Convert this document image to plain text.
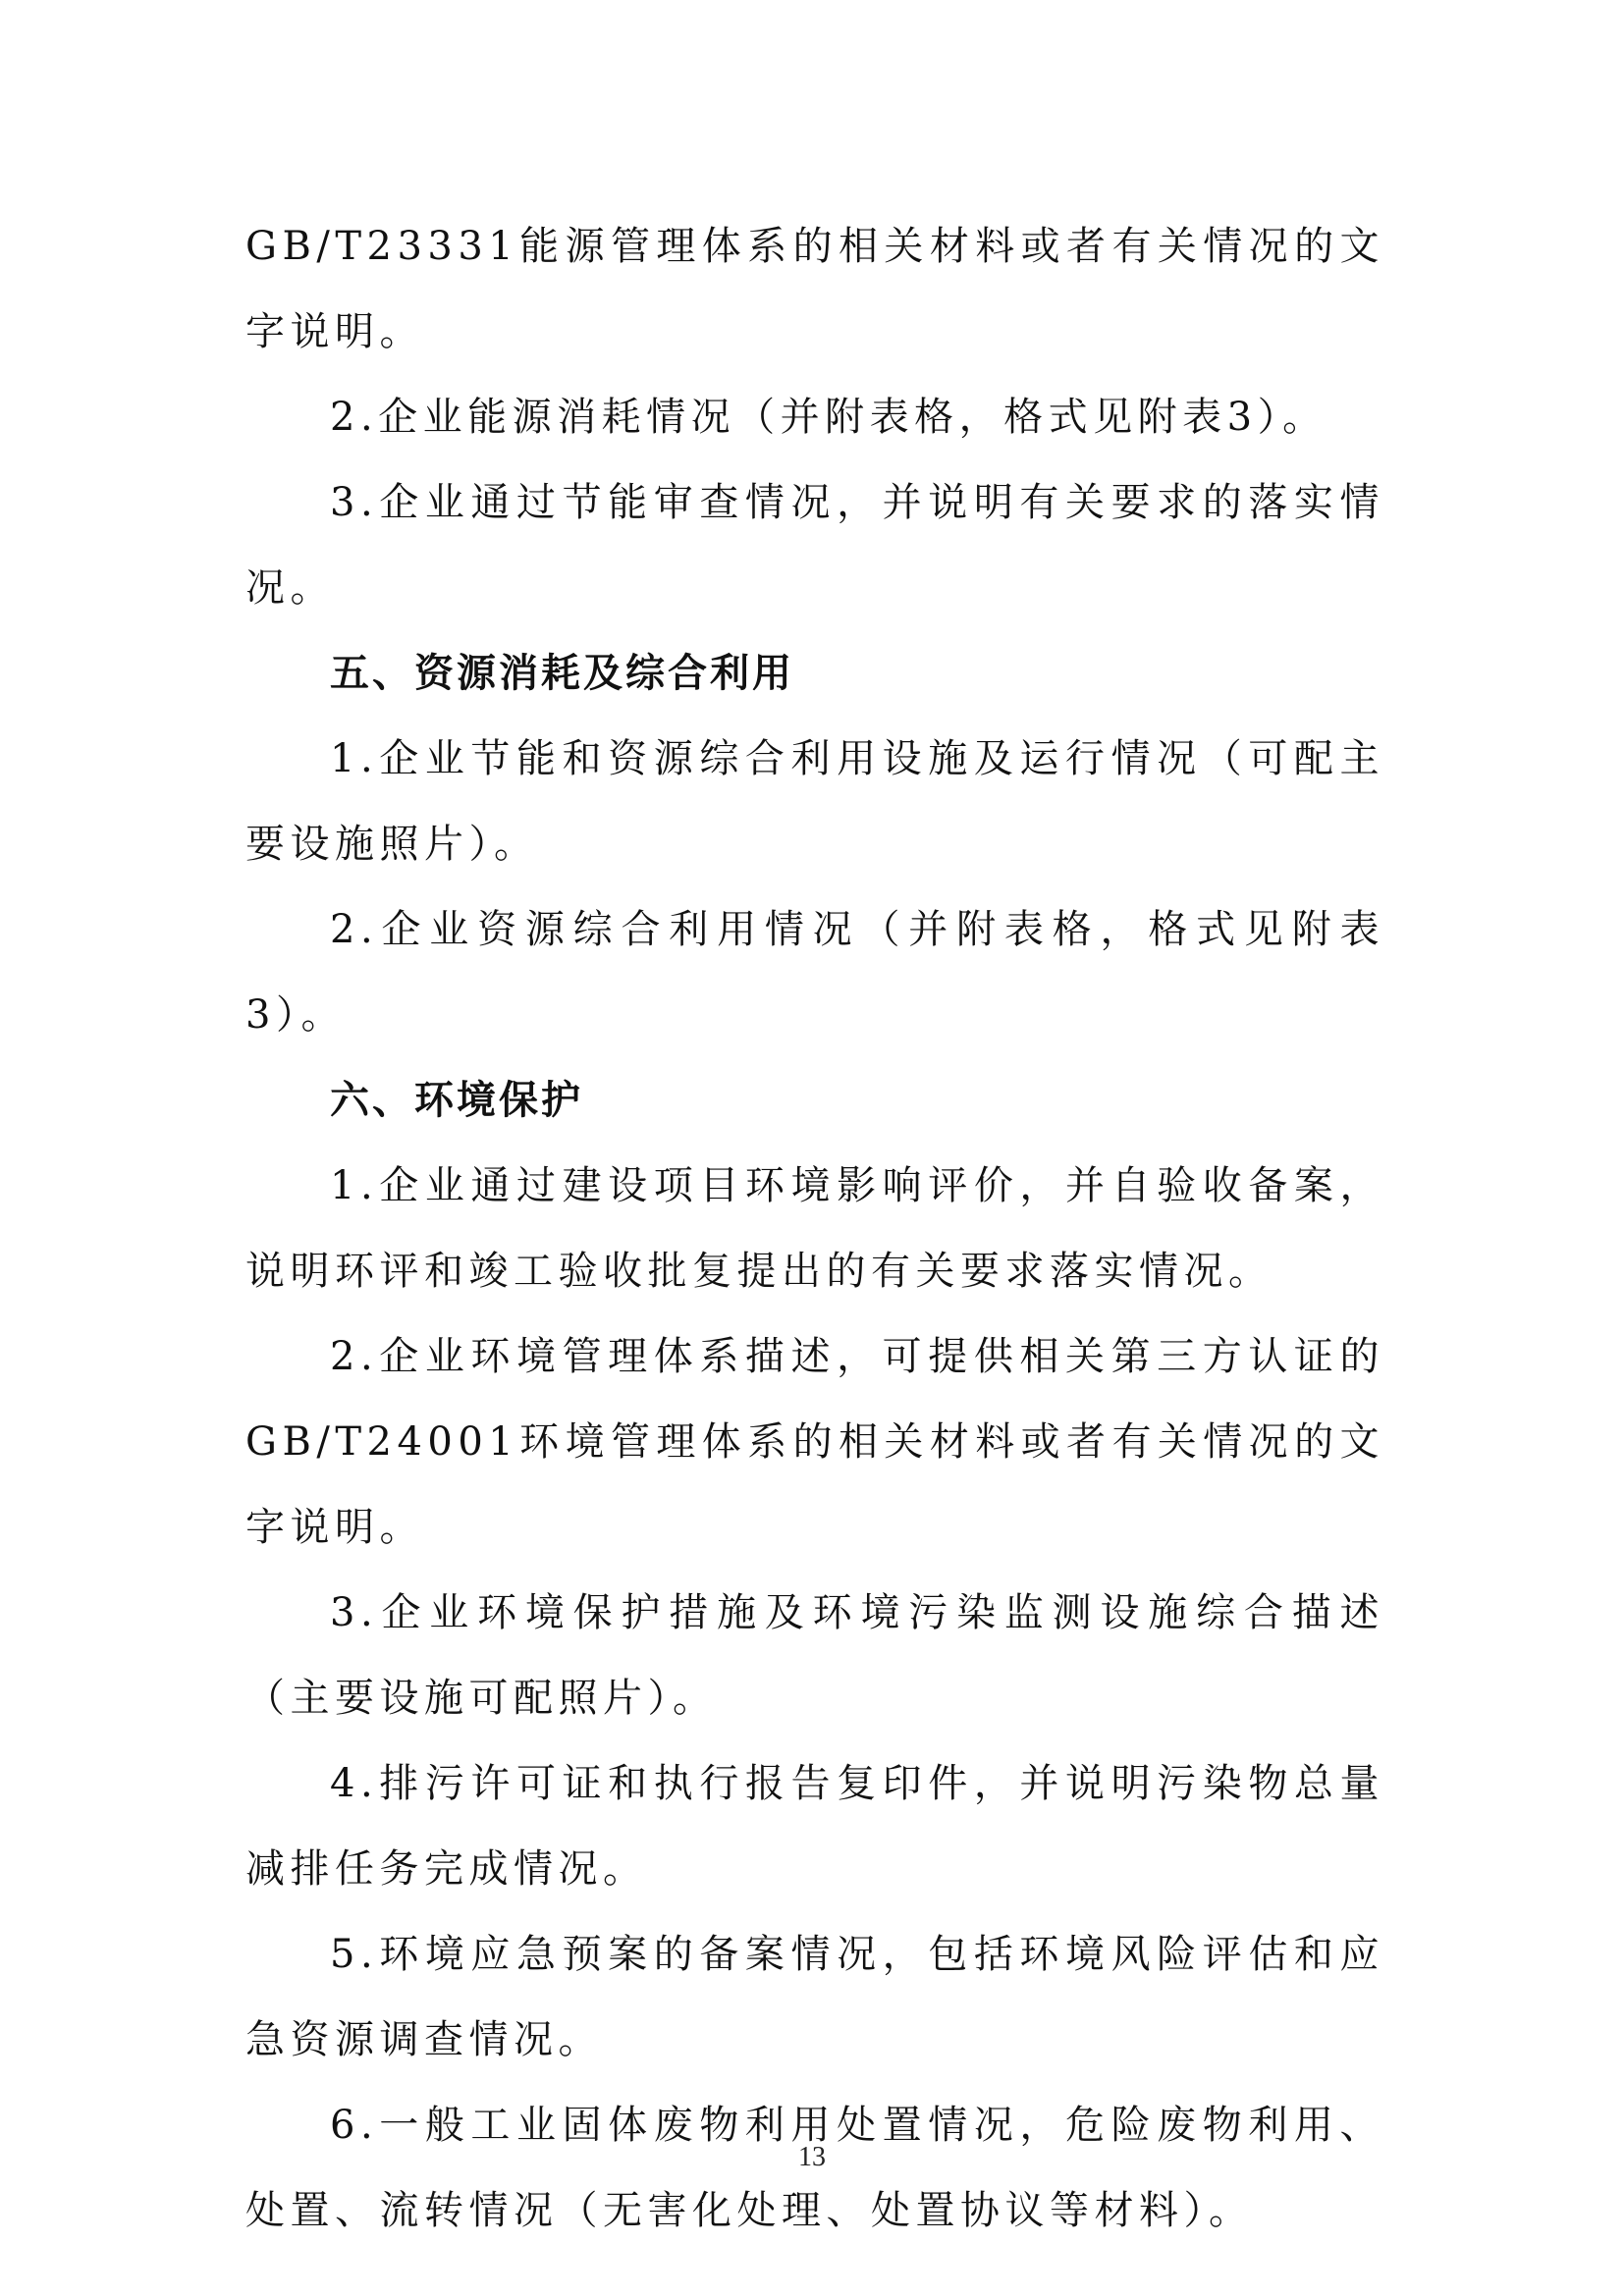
GB/T23331能源管理体系的相关材料或者有关情况的文字说明。

2.企业能源消耗情况（并附表格，格式见附表3）。

3.企业通过节能审查情况，并说明有关要求的落实情况。

五、资源消耗及综合利用

1.企业节能和资源综合利用设施及运行情况（可配主要设施照片）。

2.企业资源综合利用情况（并附表格，格式见附表3）。

六、环境保护

1.企业通过建设项目环境影响评价，并自验收备案，说明环评和竣工验收批复提出的有关要求落实情况。

2.企业环境管理体系描述，可提供相关第三方认证的GB/T24001环境管理体系的相关材料或者有关情况的文字说明。

3.企业环境保护措施及环境污染监测设施综合描述（主要设施可配照片）。

4.排污许可证和执行报告复印件，并说明污染物总量减排任务完成情况。

5.环境应急预案的备案情况，包括环境风险评估和应急资源调查情况。

6.一般工业固体废物利用处置情况，危险废物利用、处置、流转情况（无害化处理、处置协议等材料）。

13
